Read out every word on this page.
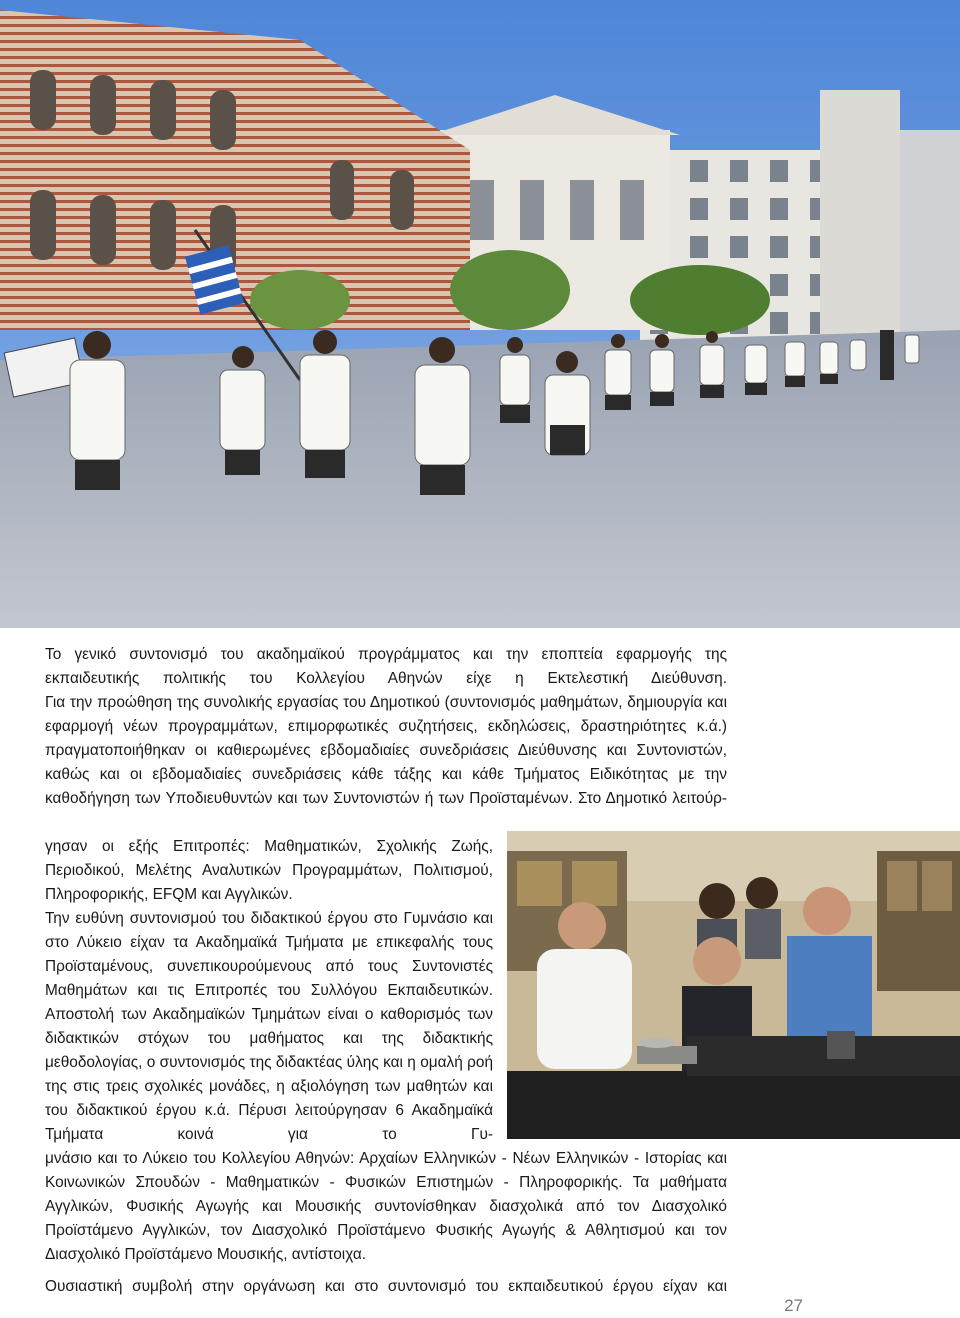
Το γενικό συντονισμό του ακαδημαϊκού προγράμματος και την εποπτεία εφαρμογής της εκπαιδευτικής πολιτικής του Κολλεγίου Αθηνών είχε η Εκτελεστική Διεύθυνση.

Για την προώθηση της συνολικής εργασίας του Δημοτικού (συντονισμός μαθημάτων, δημιουργία και εφαρμογή νέων προγραμμάτων, επιμορφωτικές συζητήσεις, εκδηλώσεις, δραστηριότητες κ.ά.) πραγματοποιήθηκαν οι καθιερωμένες εβδομαδιαίες συνεδριάσεις Διεύθυνσης και Συντονιστών, καθώς και οι εβδομαδιαίες συνεδριάσεις κάθε τάξης και κάθε Τμήματος Ειδικότητας με την καθοδήγηση των Υποδιευθυντών και των Συντονιστών ή των Προϊσταμένων. Στο Δημοτικό λειτούρ-

γησαν οι εξής Επιτροπές: Μαθηματικών, Σχολικής Ζωής, Περιοδικού, Μελέτης Αναλυτικών Προγραμμάτων, Πολιτισμού, Πληροφορικής, EFQM και Αγγλικών.

Την ευθύνη συντονισμού του διδακτικού έργου στο Γυμνάσιο και στο Λύκειο είχαν τα Ακαδημαϊκά Τμήματα με επικεφαλής τους Προϊσταμένους, συνεπικουρούμενους από τους Συντονιστές Μαθημάτων και τις Επιτροπές του Συλλόγου Εκπαιδευτικών. Αποστολή των Ακαδημαϊκών Τμημάτων είναι ο καθορισμός των διδακτικών στόχων του μαθήματος και της διδακτικής μεθοδολογίας, ο συντονισμός της διδακτέας ύλης και η ομαλή ροή της στις τρεις σχολικές μονάδες, η αξιολόγηση των μαθητών και του διδακτικού έργου κ.ά. Πέρυσι λειτούργησαν 6 Ακαδημαϊκά Τμήματα κοινά για το Γυ-

μνάσιο και το Λύκειο του Κολλεγίου Αθηνών: Αρχαίων Ελληνικών - Νέων Ελληνικών - Ιστορίας και Κοινωνικών Σπουδών - Μαθηματικών - Φυσικών Επιστημών - Πληροφορικής. Τα μαθήματα Αγγλικών, Φυσικής Αγωγής και Μουσικής συντονίσθηκαν διασχολικά από τον Διασχολικό Προϊστάμενο Αγγλικών, τον Διασχολικό Προϊστάμενο Φυσικής Αγωγής & Αθλητισμού και τον Διασχολικό Προϊστάμενο Μουσικής, αντίστοιχα.

Ουσιαστική συμβολή στην οργάνωση και στο συντονισμό του εκπαιδευτικού έργου είχαν και

27
